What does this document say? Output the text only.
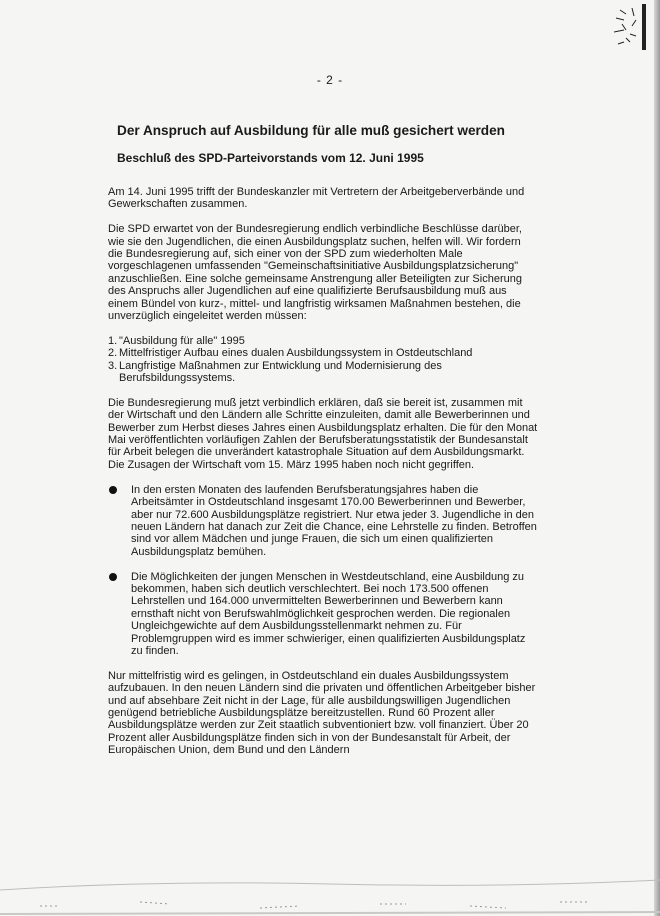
- 2 -
Der Anspruch auf Ausbildung für alle muß gesichert werden
Beschluß des SPD-Parteivorstands vom 12. Juni 1995

Am 14. Juni 1995 trifft der Bundeskanzler mit Vertretern der Arbeitgeberverbände und Gewerkschaften zusammen.

Die SPD erwartet von der Bundesregierung endlich verbindliche Beschlüsse darüber, wie sie den Jugendlichen, die einen Ausbildungsplatz suchen, helfen will. Wir fordern die Bundesregierung auf, sich einer von der SPD zum wiederholten Male vorgeschlagenen umfassenden "Gemeinschaftsinitiative Ausbildungsplatzsicherung" anzuschließen. Eine solche gemeinsame Anstrengung aller Beteiligten zur Sicherung des Anspruchs aller Jugendlichen auf eine qualifizierte Berufsausbildung muß aus einem Bündel von kurz-, mittel- und langfristig wirksamen Maßnahmen bestehen, die unverzüglich eingeleitet werden müssen:

1. "Ausbildung für alle" 1995
2. Mittelfristiger Aufbau eines dualen Ausbildungssystem in Ostdeutschland
3. Langfristige Maßnahmen zur Entwicklung und Modernisierung des Berufsbildungssystems.

Die Bundesregierung muß jetzt verbindlich erklären, daß sie bereit ist, zusammen mit der Wirtschaft und den Ländern alle Schritte einzuleiten, damit alle Bewerberinnen und Bewerber zum Herbst dieses Jahres einen Ausbildungsplatz erhalten. Die für den Monat Mai veröffentlichten vorläufigen Zahlen der Berufsberatungsstatistik der Bundesanstalt für Arbeit belegen die unverändert katastrophale Situation auf dem Ausbildungsmarkt. Die Zusagen der Wirtschaft vom 15. März 1995 haben noch nicht gegriffen.

In den ersten Monaten des laufenden Berufsberatungsjahres haben die Arbeitsämter in Ostdeutschland insgesamt 170.00 Bewerberinnen und Bewerber, aber nur 72.600 Ausbildungsplätze registriert. Nur etwa jeder 3. Jugendliche in den neuen Ländern hat danach zur Zeit die Chance, eine Lehrstelle zu finden. Betroffen sind vor allem Mädchen und junge Frauen, die sich um einen qualifizierten Ausbildungsplatz bemühen.
Die Möglichkeiten der jungen Menschen in Westdeutschland, eine Ausbildung zu bekommen, haben sich deutlich verschlechtert. Bei noch 173.500 offenen Lehrstellen und 164.000 unvermittelten Bewerberinnen und Bewerbern kann ernsthaft nicht von Berufswahlmöglichkeit gesprochen werden. Die regionalen Ungleichgewichte auf dem Ausbildungsstellenmarkt nehmen zu. Für Problemgruppen wird es immer schwieriger, einen qualifizierten Ausbildungsplatz zu finden.

Nur mittelfristig wird es gelingen, in Ostdeutschland ein duales Ausbildungssystem aufzubauen. In den neuen Ländern sind die privaten und öffentlichen Arbeitgeber bisher und auf absehbare Zeit nicht in der Lage, für alle ausbildungswilligen Jugendlichen genügend betriebliche Ausbildungsplätze bereitzustellen. Rund 60 Prozent aller Ausbildungsplätze werden zur Zeit staatlich subventioniert bzw. voll finanziert. Über 20 Prozent aller Ausbildungsplätze finden sich in von der Bundesanstalt für Arbeit, der Europäischen Union, dem Bund und den Ländern
